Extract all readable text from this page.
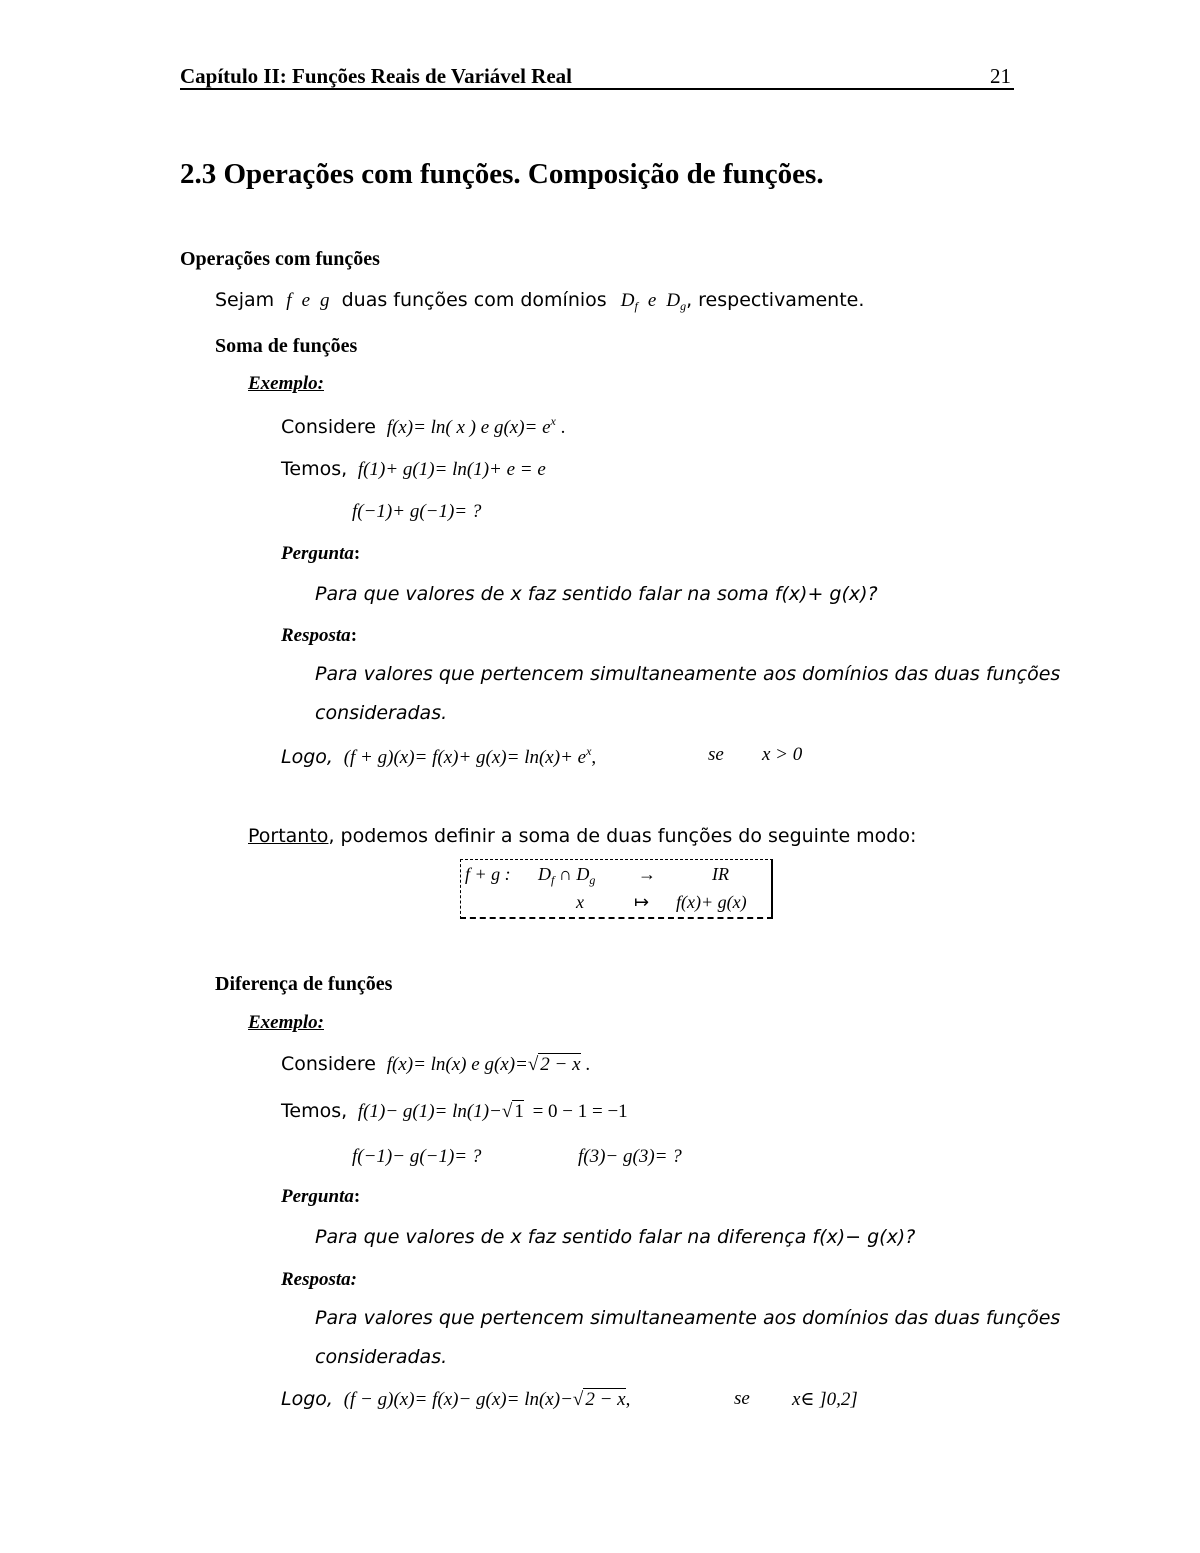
Capítulo II: Funções Reais de Variável Real	21
2.3 Operações com funções. Composição de funções.
Operações com funções
Sejam f e g duas funções com domínios $D_f$ e $D_g$, respectivamente.
Soma de funções
Exemplo:
Considere f(x)= ln( x ) e $g(x)= e^x$ .
Temos, f(1)+ g(1)= ln(1)+ e = e
f(−1)+ g(−1)= ?
Pergunta:
Para que valores de x faz sentido falar na soma f(x)+ g(x)?
Resposta:
Para valores que pertencem simultaneamente aos domínios das duas funções
consideradas.
Logo, $(f + g)(x)= f(x)+ g(x)= \ln(x)+ e^x$,	se x > 0
Portanto, podemos definir a soma de duas funções do seguinte modo:
f + g : $D_f$ ∩ $D_g$ →	IR
x	↦ f(x)+ g(x)
Diferença de funções
Exemplo:
Considere f(x)= ln(x) e g(x)=√ 2 − x .
Temos, f(1)− g(1)= ln(1)−√ 1 = 0 − 1 = −1
f(−1)− g(−1)= ?	f(3)− g(3)= ?
Pergunta:
Para que valores de x faz sentido falar na diferença f(x)− g(x)?
Resposta:
Para valores que pertencem simultaneamente aos domínios das duas funções
consideradas.
Logo, (f − g)(x)= f(x)− g(x)= ln(x)−√ 2 − x,	se x∈ ]0,2]
